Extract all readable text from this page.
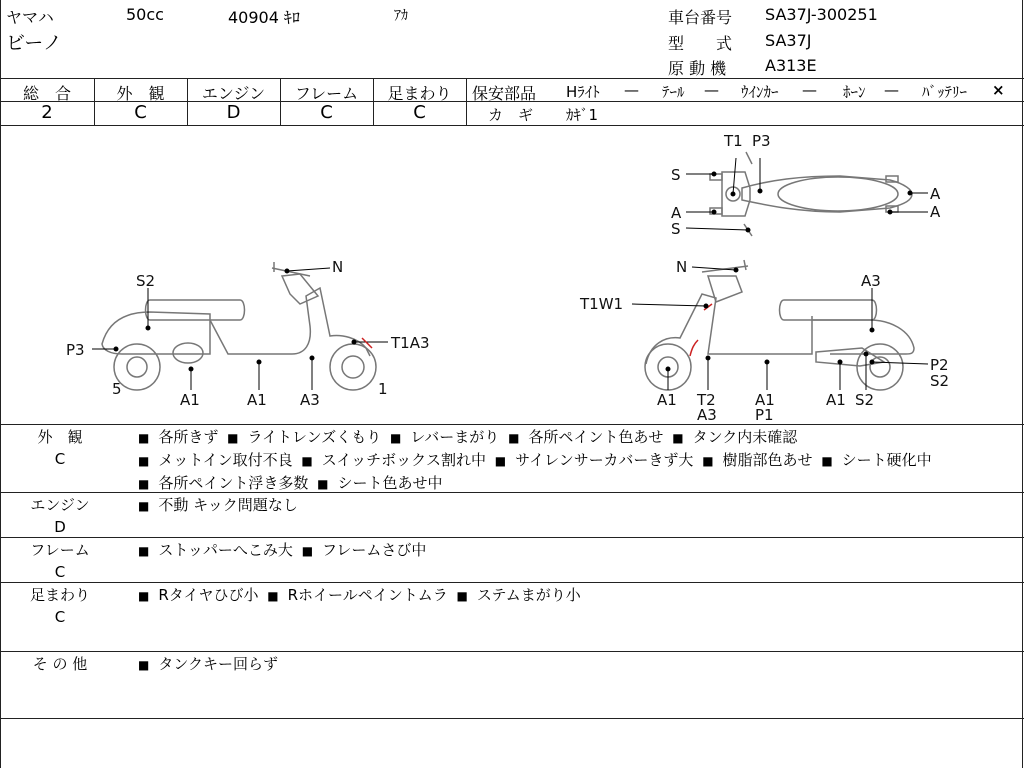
ヤマハ	50cc	40904 ｷﾛ	ｱｶ
ビーノ
車台番号 SA37J-300251
型　　式 SA37J
原 動 機 A313E
総　合
2
外　観
C
エンジン
D
フレーム
C
足まわり
C
保安部品 Hﾗｲﾄ — ﾃｰﾙ — ｳｲﾝｶｰ — ﾎｰﾝ — ﾊﾞｯﾃﾘｰ ×
カ　ギ ｶｷﾞ1
T1 P3
S
A
S
A
A
S2
N
P3	T1A3
5	1
A1	A1 A3
N
A3
T1W1
P2
S2
A1 T2
A3
A1
P1
A1 S2
外　観
C
■ 各所きず ■ ライトレンズくもり ■ レバーまがり ■ 各所ペイント色あせ ■ タンク内未確認
■ メットイン取付不良 ■ スイッチボックス割れ中 ■ サイレンサーカバーきず大 ■ 樹脂部色あせ ■ シート硬化中
■ 各所ペイント浮き多数 ■ シート色あせ中
エンジン
D
■ 不動 キック問題なし
フレーム
C
■ ストッパーへこみ大 ■ フレームさび中
足まわり
C
■ Rタイヤひび小 ■ Rホイールペイントムラ ■ ステムまがり小
そ の 他	■ タンクキー回らず
